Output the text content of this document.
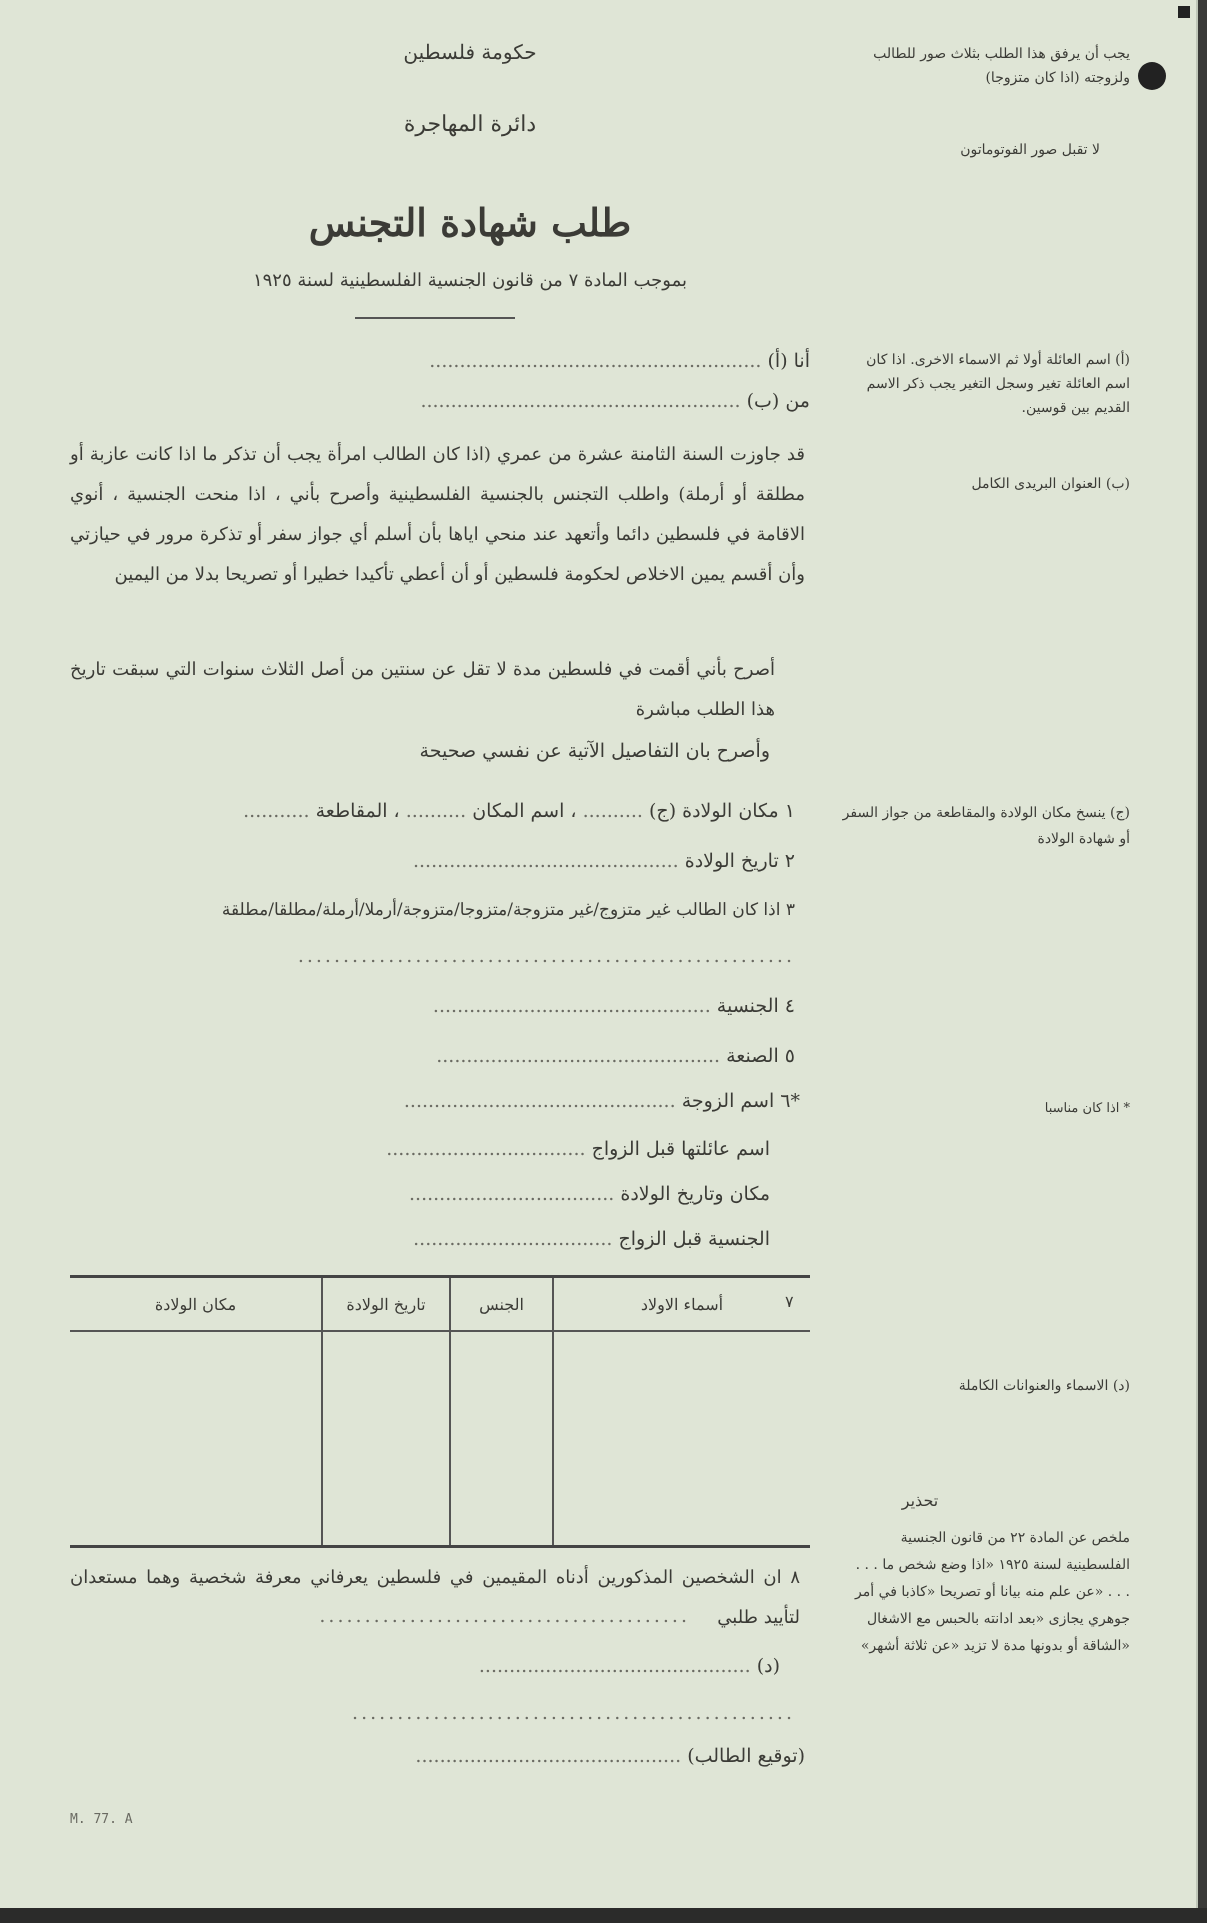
حكومة فلسطين
دائرة المهاجرة
طلب شهادة التجنس
بموجب المادة ٧ من قانون الجنسية الفلسطينية لسنة ١٩٢٥
يجب أن يرفق هذا الطلب بثلاث صور للطالب ولزوجته (اذا كان متزوجا)
لا تقبل صور الفوتوماتون
(أ) اسم العائلة أولا ثم الاسماء الاخرى. اذا كان اسم العائلة تغير وسجل التغير يجب ذكر الاسم القديم بين قوسين.
(ب) العنوان البريدى الكامل
(ج) ينسخ مكان الولادة والمقاطعة من جواز السفر أو شهادة الولادة
* اذا كان مناسبا
(د) الاسماء والعنوانات الكاملة
تحذير
ملخص عن المادة ٢٢ من قانون الجنسية الفلسطينية لسنة ١٩٢٥ «اذا وضع شخص ما . . . . . . «عن علم منه بيانا أو تصريحا «كاذبا في أمر جوهري يجازى «بعد ادانته بالحبس مع الاشغال «الشاقة أو بدونها مدة لا تزيد «عن ثلاثة أشهر»
أنا (أ) .......................................................
من (ب) .....................................................
قد جاوزت السنة الثامنة عشرة من عمري (اذا كان الطالب امرأة يجب أن تذكر ما اذا كانت عازبة أو مطلقة أو أرملة) واطلب التجنس بالجنسية الفلسطينية وأصرح بأني ، اذا منحت الجنسية ، أنوي الاقامة في فلسطين دائما وأتعهد عند منحي اياها بأن أسلم أي جواز سفر أو تذكرة مرور في حيازتي وأن أقسم يمين الاخلاص لحكومة فلسطين أو أن أعطي تأكيدا خطيرا أو تصريحا بدلا من اليمين
أصرح بأني أقمت في فلسطين مدة لا تقل عن سنتين من أصل الثلاث سنوات التي سبقت تاريخ هذا الطلب مباشرة
وأصرح بان التفاصيل الآتية عن نفسي صحيحة
١ مكان الولادة (ج) .......... ، اسم المكان .......... ، المقاطعة ...........
٢ تاريخ الولادة ............................................
٣ اذا كان الطالب غير متزوج/غير متزوجة/متزوجا/متزوجة/أرملا/أرملة/مطلقا/مطلقة
.......................................................
٤ الجنسية ..............................................
٥ الصنعة ...............................................
*٦ اسم الزوجة .............................................
اسم عائلتها قبل الزواج .................................
مكان وتاريخ الولادة ..................................
الجنسية قبل الزواج .................................
٧
أسماء الاولاد	الجنس	تاريخ الولادة	مكان الولادة

٨ ان الشخصين المذكورين أدناه المقيمين في فلسطين يعرفاني معرفة شخصية وهما مستعدان لتأييد طلبي
.........................................
(د) .............................................
.................................................
(توقيع الطالب) ............................................
M. 77. A
